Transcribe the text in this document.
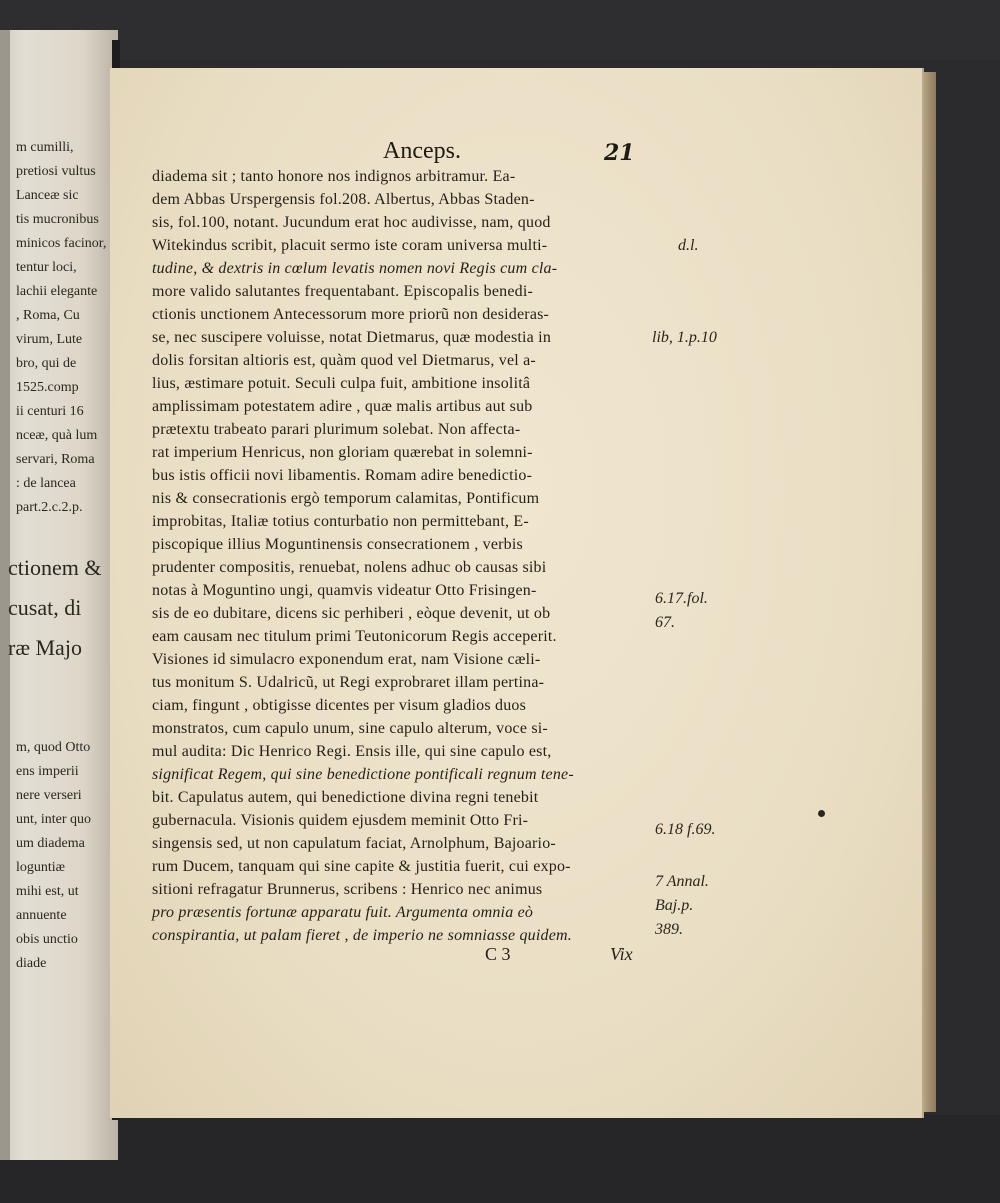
m cumilli,
pretiosi vultus
Lanceæ sic
tis mucronibus
minicos facinor,
tentur loci,
lachii elegante
, Roma, Cu
virum, Lute
bro, qui de
1525.comp
ii centuri 16
nceæ, quà lum
servari, Roma
: de lancea
part.2.c.2.p.
ctionem &
cusat, di
ræ Majo
m, quod Otto
ens imperii
nere verseri
unt, inter quo
um diadema
loguntiæ
mihi est, ut
annuente
obis unctio
diade
Anceps.	21
diadema sit ; tanto honore nos indignos arbitramur. Ea-
dem Abbas Urspergensis fol.208. Albertus, Abbas Staden-
sis, fol.100, notant. Jucundum erat hoc audivisse, nam, quod
Witekindus scribit, placuit sermo iste coram universa multi-
tudine, & dextris in cœlum levatis nomen novi Regis cum cla-
more valido salutantes frequentabant. Episcopalis benedi-
ctionis unctionem Antecessorum more priorũ non desideras-
se, nec suscipere voluisse, notat Dietmarus, quæ modestia in
dolis forsitan altioris est, quàm quod vel Dietmarus, vel a-
lius, æstimare potuit. Seculi culpa fuit, ambitione insolitâ
amplissimam potestatem adire , quæ malis artibus aut sub
prætextu trabeato parari plurimum solebat. Non affecta-
rat imperium Henricus, non gloriam quærebat in solemni-
bus istis officii novi libamentis. Romam adire benedictio-
nis & consecrationis ergò temporum calamitas, Pontificum
improbitas, Italiæ totius conturbatio non permittebant, E-
piscopique illius Moguntinensis consecrationem , verbis
prudenter compositis, renuebat, nolens adhuc ob causas sibi
notas à Moguntino ungi, quamvis videatur Otto Frisingen-
sis de eo dubitare, dicens sic perhiberi , eòque devenit, ut ob
eam causam nec titulum primi Teutonicorum Regis acceperit.
Visiones id simulacro exponendum erat, nam Visione cæli-
tus monitum S. Udalricũ, ut Regi exprobraret illam pertina-
ciam, fingunt , obtigisse dicentes per visum gladios duos
monstratos, cum capulo unum, sine capulo alterum, voce si-
mul audita: Dic Henrico Regi. Ensis ille, qui sine capulo est,
significat Regem, qui sine benedictione pontificali regnum tene-
bit. Capulatus autem, qui benedictione divina regni tenebit
gubernacula. Visionis quidem ejusdem meminit Otto Fri-
singensis sed, ut non capulatum faciat, Arnolphum, Bajoario-
rum Ducem, tanquam qui sine capite & justitia fuerit, cui expo-
sitioni refragatur Brunnerus, scribens : Henrico nec animus
pro præsentis fortunæ apparatu fuit. Argumenta omnia eò
conspirantia, ut palam fieret , de imperio ne somniasse quidem.
d.l.
lib, 1.p.10
6.17.fol.
67.
6.18 f.69.
7 Annal.
Baj.p.
389.
C 3	Vix
